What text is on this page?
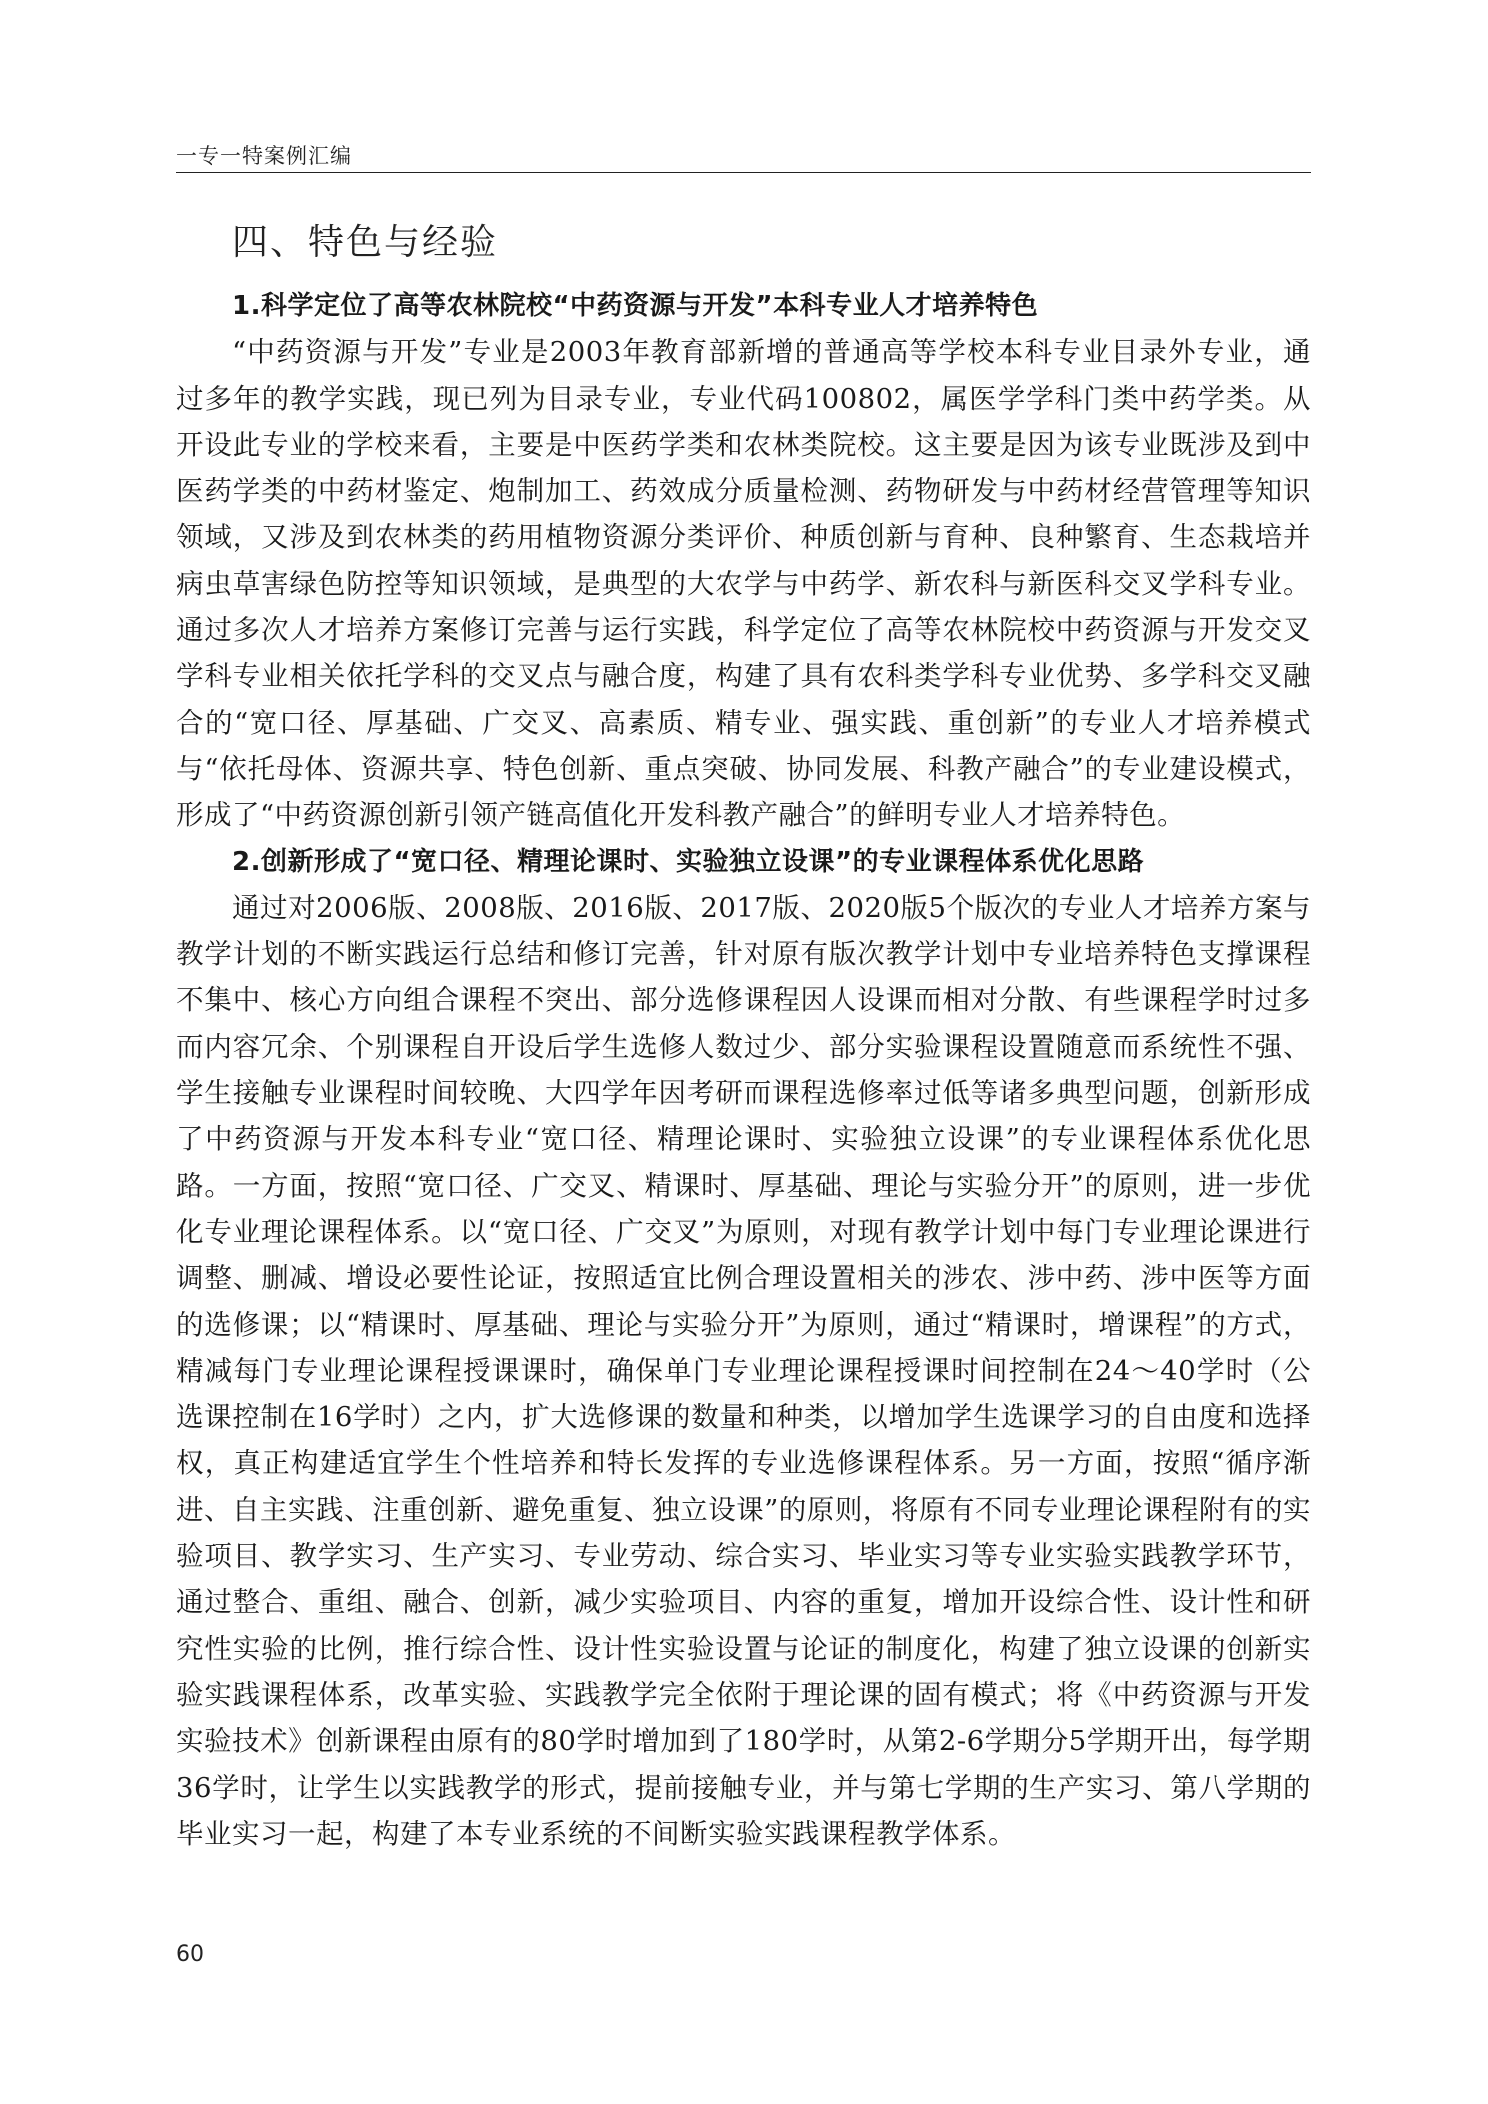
一专一特案例汇编
四、特色与经验
1.科学定位了高等农林院校“中药资源与开发”本科专业人才培养特色

“中药资源与开发”专业是2003年教育部新增的普通高等学校本科专业目录外专业，通过多年的教学实践，现已列为目录专业，专业代码100802，属医学学科门类中药学类。从开设此专业的学校来看，主要是中医药学类和农林类院校。这主要是因为该专业既涉及到中医药学类的中药材鉴定、炮制加工、药效成分质量检测、药物研发与中药材经营管理等知识领域，又涉及到农林类的药用植物资源分类评价、种质创新与育种、良种繁育、生态栽培并病虫草害绿色防控等知识领域，是典型的大农学与中药学、新农科与新医科交叉学科专业。通过多次人才培养方案修订完善与运行实践，科学定位了高等农林院校中药资源与开发交叉学科专业相关依托学科的交叉点与融合度，构建了具有农科类学科专业优势、多学科交叉融合的“宽口径、厚基础、广交叉、高素质、精专业、强实践、重创新”的专业人才培养模式与“依托母体、资源共享、特色创新、重点突破、协同发展、科教产融合”的专业建设模式，形成了“中药资源创新引领产链高值化开发科教产融合”的鲜明专业人才培养特色。

2.创新形成了“宽口径、精理论课时、实验独立设课”的专业课程体系优化思路

通过对2006版、2008版、2016版、2017版、2020版5个版次的专业人才培养方案与教学计划的不断实践运行总结和修订完善，针对原有版次教学计划中专业培养特色支撑课程不集中、核心方向组合课程不突出、部分选修课程因人设课而相对分散、有些课程学时过多而内容冗余、个别课程自开设后学生选修人数过少、部分实验课程设置随意而系统性不强、学生接触专业课程时间较晚、大四学年因考研而课程选修率过低等诸多典型问题，创新形成了中药资源与开发本科专业“宽口径、精理论课时、实验独立设课”的专业课程体系优化思路。一方面，按照“宽口径、广交叉、精课时、厚基础、理论与实验分开”的原则，进一步优化专业理论课程体系。以“宽口径、广交叉”为原则，对现有教学计划中每门专业理论课进行调整、删减、增设必要性论证，按照适宜比例合理设置相关的涉农、涉中药、涉中医等方面的选修课；以“精课时、厚基础、理论与实验分开”为原则，通过“精课时，增课程”的方式，精减每门专业理论课程授课课时，确保单门专业理论课程授课时间控制在24～40学时（公选课控制在16学时）之内，扩大选修课的数量和种类，以增加学生选课学习的自由度和选择权，真正构建适宜学生个性培养和特长发挥的专业选修课程体系。另一方面，按照“循序渐进、自主实践、注重创新、避免重复、独立设课”的原则，将原有不同专业理论课程附有的实验项目、教学实习、生产实习、专业劳动、综合实习、毕业实习等专业实验实践教学环节，通过整合、重组、融合、创新，减少实验项目、内容的重复，增加开设综合性、设计性和研究性实验的比例，推行综合性、设计性实验设置与论证的制度化，构建了独立设课的创新实验实践课程体系，改革实验、实践教学完全依附于理论课的固有模式；将《中药资源与开发实验技术》创新课程由原有的80学时增加到了180学时，从第2-6学期分5学期开出，每学期36学时，让学生以实践教学的形式，提前接触专业，并与第七学期的生产实习、第八学期的毕业实习一起，构建了本专业系统的不间断实验实践课程教学体系。

60
